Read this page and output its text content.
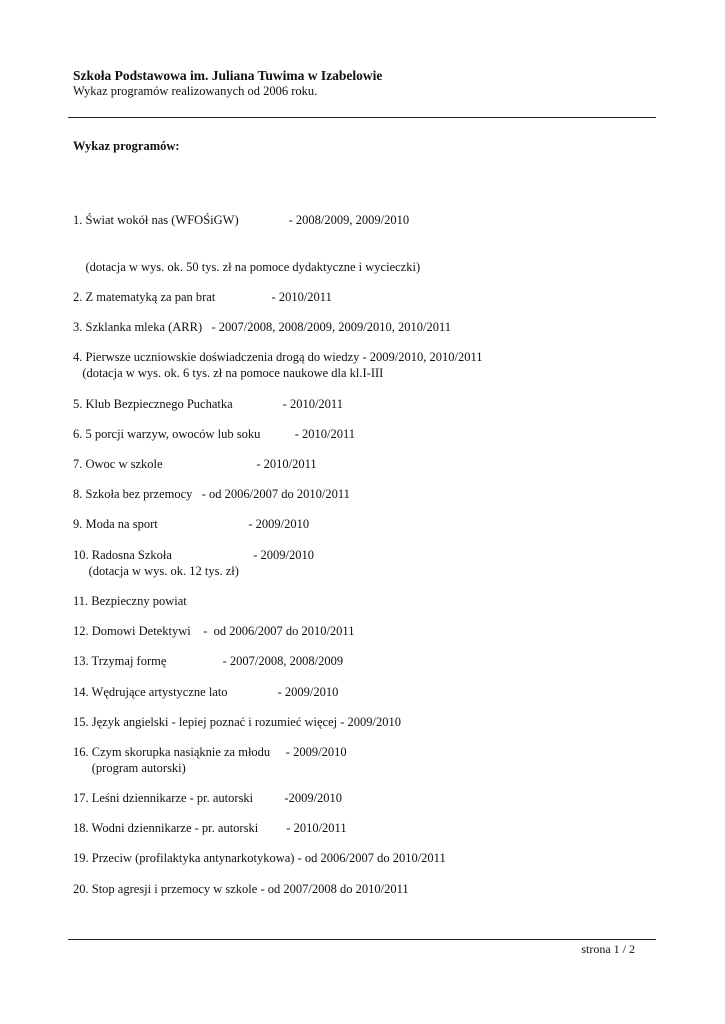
Szkoła Podstawowa im. Juliana Tuwima w Izabelowie
Wykaz programów realizowanych od 2006 roku.
Wykaz programów:
1. Świat wokół nas (WFOŚiGW)                - 2008/2009, 2009/2010
(dotacja w wys. ok. 50 tys. zł na pomoce dydaktyczne i wycieczki)
2. Z matematyką za pan brat                  - 2010/2011
3. Szklanka mleka (ARR)   - 2007/2008, 2008/2009, 2009/2010, 2010/2011
4. Pierwsze uczniowskie doświadczenia drogą do wiedzy - 2009/2010, 2010/2011
(dotacja w wys. ok. 6 tys. zł na pomoce naukowe dla kl.I-III
5. Klub Bezpiecznego Puchatka                - 2010/2011
6. 5 porcji warzyw, owoców lub soku           - 2010/2011
7. Owoc w szkole                              - 2010/2011
8. Szkoła bez przemocy   - od 2006/2007 do 2010/2011
9. Moda na sport                             - 2009/2010
10. Radosna Szkoła                          - 2009/2010
(dotacja w wys. ok. 12 tys. zł)
11. Bezpieczny powiat
12. Domowi Detektywi    -  od 2006/2007 do 2010/2011
13. Trzymaj formę                  - 2007/2008, 2008/2009
14. Wędrujące artystyczne lato                - 2009/2010
15. Język angielski - lepiej poznać i rozumieć więcej - 2009/2010
16. Czym skorupka nasiąknie za młodu     - 2009/2010
(program autorski)
17. Leśni dziennikarze - pr. autorski          -2009/2010
18. Wodni dziennikarze - pr. autorski         - 2010/2011
19. Przeciw (profilaktyka antynarkotykowa) - od 2006/2007 do 2010/2011
20. Stop agresji i przemocy w szkole - od 2007/2008 do 2010/2011
strona 1 / 2
